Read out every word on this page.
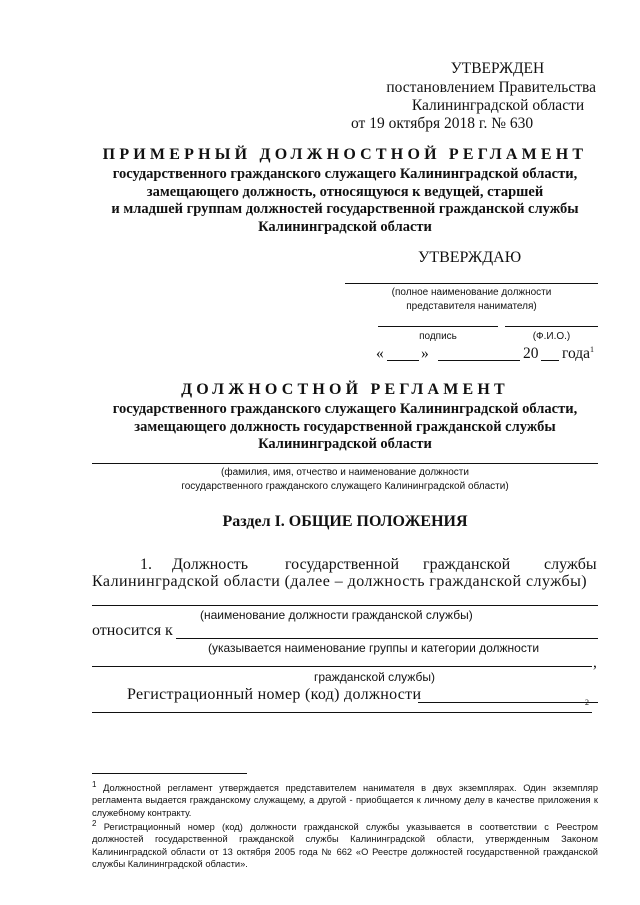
УТВЕРЖДЕН
постановлением Правительства
Калининградской области
от 19 октября 2018 г. № 630
ПРИМЕРНЫЙ ДОЛЖНОСТНОЙ РЕГЛАМЕНТ
государственного гражданского служащего Калининградской области,
замещающего должность, относящуюся к ведущей, старшей
и младшей группам должностей государственной гражданской службы
Калининградской области
УТВЕРЖДАЮ
(полное наименование должности
представителя нанимателя)
подпись	(Ф.И.О.)
« »	20 года$^1$
ДОЛЖНОСТНОЙ РЕГЛАМЕНТ
государственного гражданского служащего Калининградской области,
замещающего должность государственной гражданской службы
Калининградской области
(фамилия, имя, отчество и наименование должности
государственного гражданского служащего Калининградской области)
Раздел I. ОБЩИЕ ПОЛОЖЕНИЯ
1. Должность государственной гражданской службы
Калининградской области (далее – должность гражданской службы)
(наименование должности гражданской службы)
относится к
(указывается наименование группы и категории должности
,
гражданской службы)
Регистрационный номер (код) должности	2
$^1$ Должностной регламент утверждается представителем нанимателя в двух экземплярах. Один экземпляр регламента выдается гражданскому служащему, а другой - приобщается к личному делу в качестве приложения к служебному контракту.
$^2$ Регистрационный номер (код) должности гражданской службы указывается в соответствии с Реестром должностей государственной гражданской службы Калининградской области, утвержденным Законом Калининградской области от 13 октября 2005 года № 662 «О Реестре должностей государственной гражданской службы Калининградской области».
